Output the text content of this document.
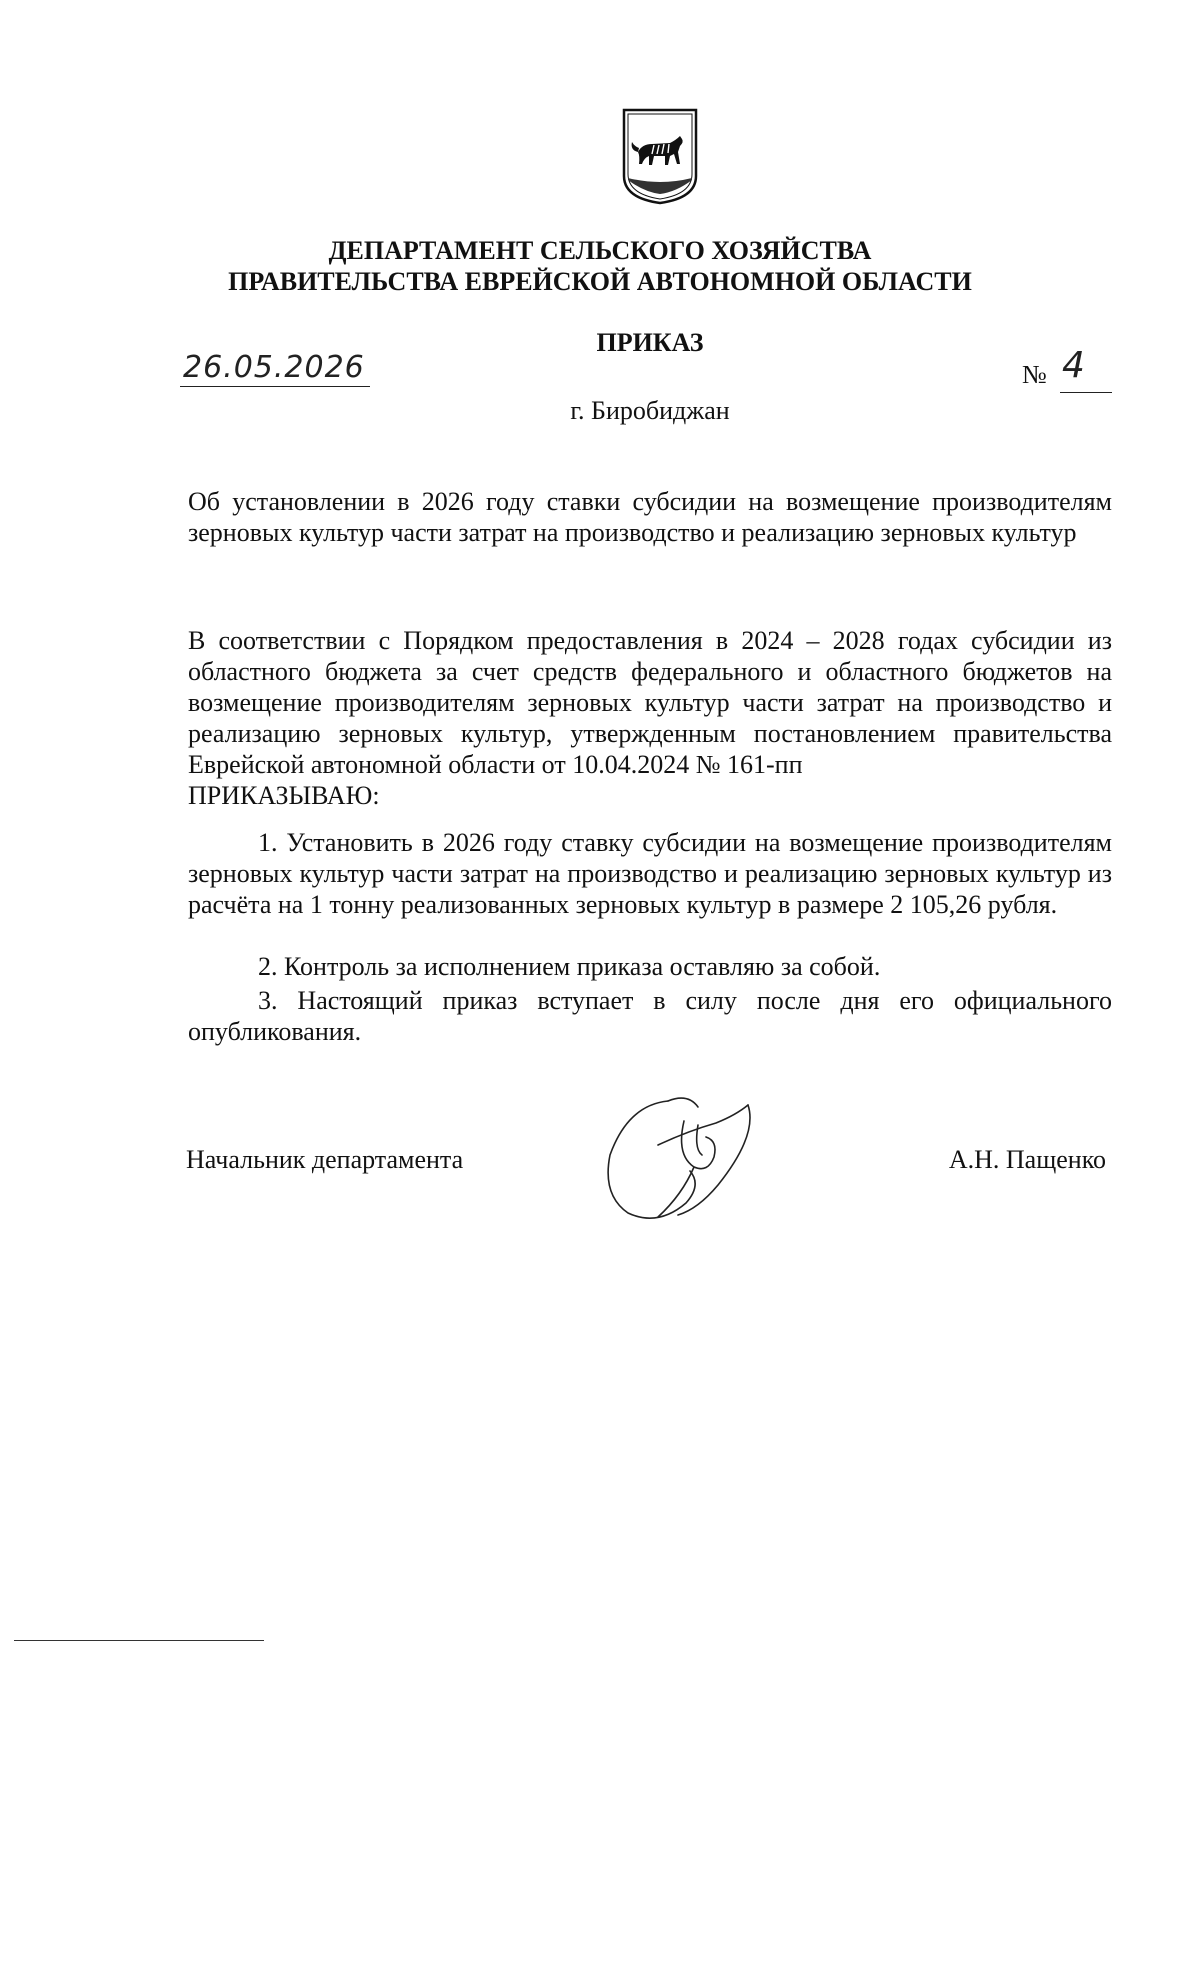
ДЕПАРТАМЕНТ СЕЛЬСКОГО ХОЗЯЙСТВА
ПРАВИТЕЛЬСТВА ЕВРЕЙСКОЙ АВТОНОМНОЙ ОБЛАСТИ
ПРИКАЗ
26.05.2026	№ 4
г. Биробиджан
Об установлении в 2026 году ставки субсидии на возмещение производителям зерновых культур части затрат на производство и реализацию зерновых культур
В соответствии с Порядком предоставления в 2024 – 2028 годах субсидии из областного бюджета за счет средств федерального и областного бюджетов на возмещение производителям зерновых культур части затрат на производство и реализацию зерновых культур, утвержденным постановлением правительства Еврейской автономной области от 10.04.2024 № 161-пп
ПРИКАЗЫВАЮ:
1. Установить в 2026 году ставку субсидии на возмещение производителям зерновых культур части затрат на производство и реализацию зерновых культур из расчёта на 1 тонну реализованных зерновых культур в размере 2 105,26 рубля.
2. Контроль за исполнением приказа оставляю за собой.
3. Настоящий приказ вступает в силу после дня его официального опубликования.
Начальник департамента	А.Н. Пащенко
